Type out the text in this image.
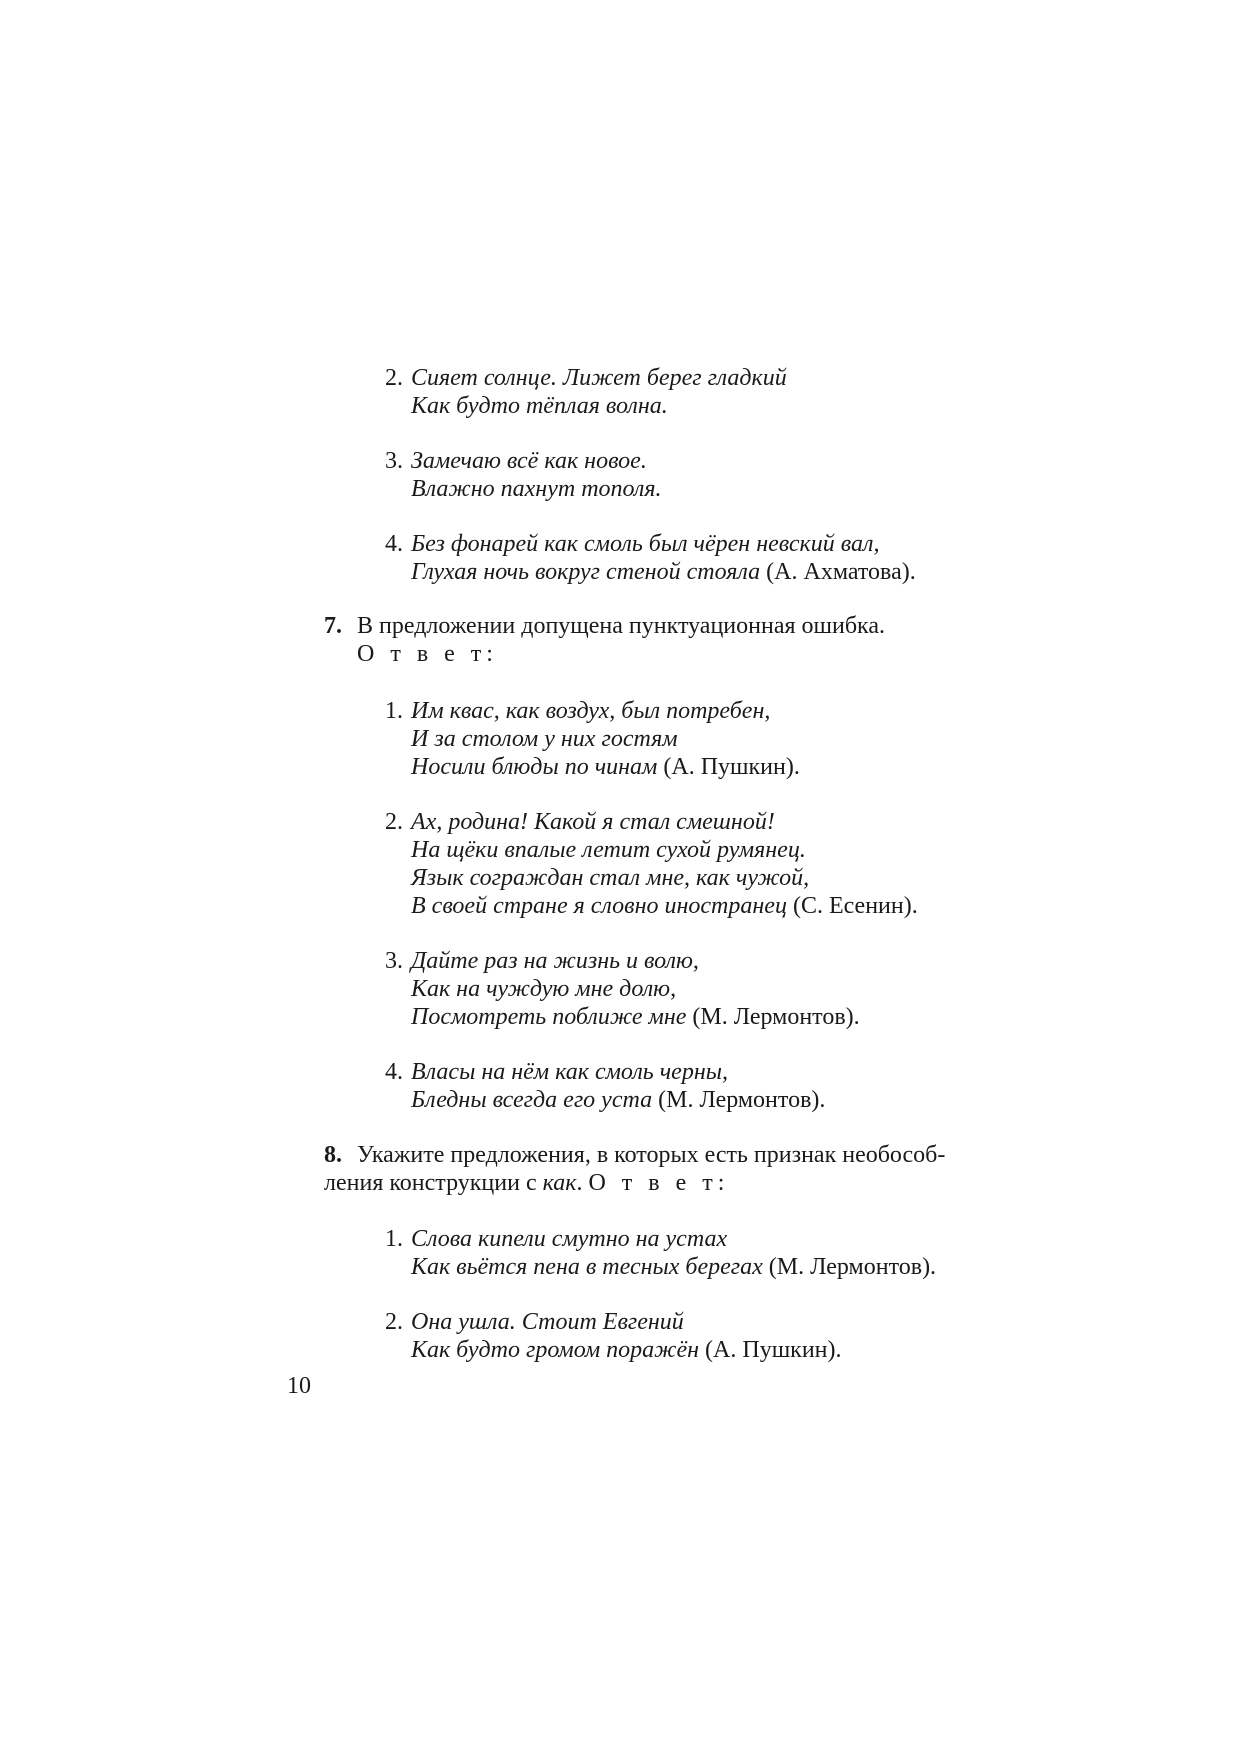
2. Сияет солнце. Лижет берег гладкий
Как будто тёплая волна.
3. Замечаю всё как новое.
Влажно пахнут тополя.
4. Без фонарей как смоль был чёрен невский вал,
Глухая ночь вокруг стеной стояла (А. Ахматова).
7. В предложении допущена пунктуационная ошибка.
О т в е т:
1. Им квас, как воздух, был потребен,
И за столом у них гостям
Носили блюды по чинам (А. Пушкин).
2. Ах, родина! Какой я стал смешной!
На щёки впалые летит сухой румянец.
Язык сограждан стал мне, как чужой,
В своей стране я словно иностранец (С. Есенин).
3. Дайте раз на жизнь и волю,
Как на чуждую мне долю,
Посмотреть поближе мне (М. Лермонтов).
4. Власы на нём как смоль черны,
Бледны всегда его уста (М. Лермонтов).
8. Укажите предложения, в которых есть признак необособ-
ления конструкции с как. О т в е т:
1. Слова кипели смутно на устах
Как вьётся пена в тесных берегах (М. Лермонтов).
2. Она ушла. Стоит Евгений
Как будто громом поражён (А. Пушкин).
10
